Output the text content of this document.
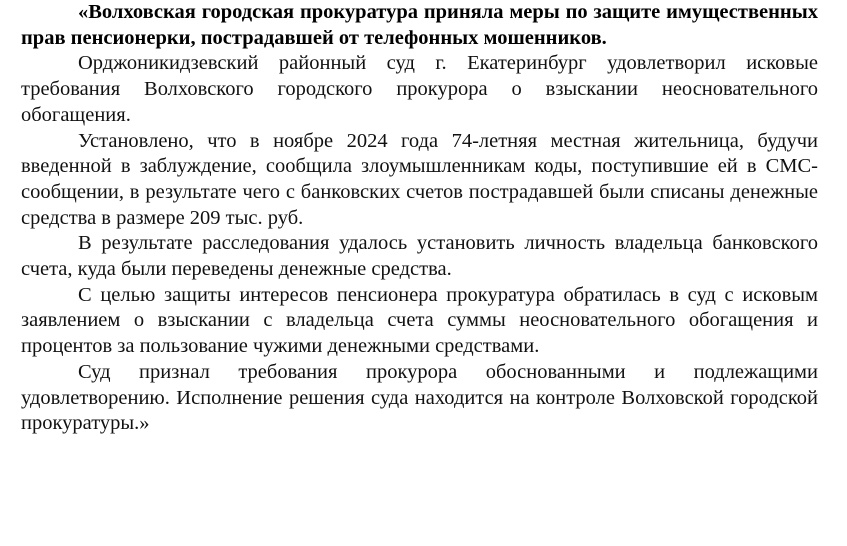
«Волховская городская прокуратура приняла меры по защите имущественных прав пенсионерки, пострадавшей от телефонных мошенников.

Орджоникидзевский районный суд г. Екатеринбург удовлетворил исковые требования Волховского городского прокурора о взыскании неосновательного обогащения.

Установлено, что в ноябре 2024 года 74-летняя местная жительница, будучи введенной в заблуждение, сообщила злоумышленникам коды, поступившие ей в СМС-сообщении, в результате чего с банковских счетов пострадавшей были списаны денежные средства в размере 209 тыс. руб.

В результате расследования удалось установить личность владельца банковского счета, куда были переведены денежные средства.

С целью защиты интересов пенсионера прокуратура обратилась в суд с исковым заявлением о взыскании с владельца счета суммы неосновательного обогащения и процентов за пользование чужими денежными средствами.

Суд признал требования прокурора обоснованными и подлежащими удовлетворению. Исполнение решения суда находится на контроле Волховской городской прокуратуры.»
